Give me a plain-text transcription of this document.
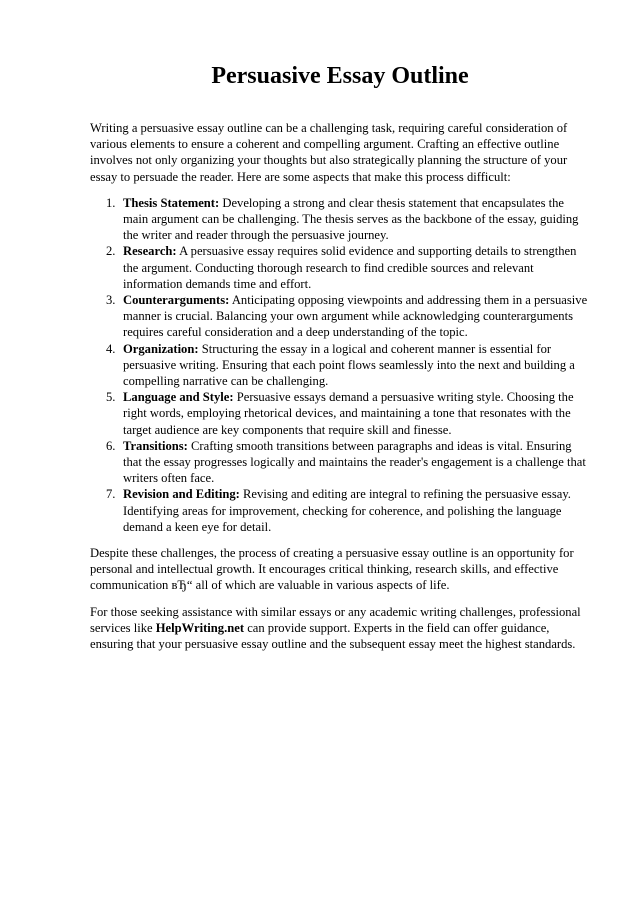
Persuasive Essay Outline

Writing a persuasive essay outline can be a challenging task, requiring careful consideration of various elements to ensure a coherent and compelling argument. Crafting an effective outline involves not only organizing your thoughts but also strategically planning the structure of your essay to persuade the reader. Here are some aspects that make this process difficult:

1. Thesis Statement: Developing a strong and clear thesis statement that encapsulates the main argument can be challenging. The thesis serves as the backbone of the essay, guiding the writer and reader through the persuasive journey.
2. Research: A persuasive essay requires solid evidence and supporting details to strengthen the argument. Conducting thorough research to find credible sources and relevant information demands time and effort.
3. Counterarguments: Anticipating opposing viewpoints and addressing them in a persuasive manner is crucial. Balancing your own argument while acknowledging counterarguments requires careful consideration and a deep understanding of the topic.
4. Organization: Structuring the essay in a logical and coherent manner is essential for persuasive writing. Ensuring that each point flows seamlessly into the next and building a compelling narrative can be challenging.
5. Language and Style: Persuasive essays demand a persuasive writing style. Choosing the right words, employing rhetorical devices, and maintaining a tone that resonates with the target audience are key components that require skill and finesse.
6. Transitions: Crafting smooth transitions between paragraphs and ideas is vital. Ensuring that the essay progresses logically and maintains the reader's engagement is a challenge that writers often face.
7. Revision and Editing: Revising and editing are integral to refining the persuasive essay. Identifying areas for improvement, checking for coherence, and polishing the language demand a keen eye for detail.

Despite these challenges, the process of creating a persuasive essay outline is an opportunity for personal and intellectual growth. It encourages critical thinking, research skills, and effective communication вЂ“ all of which are valuable in various aspects of life.

For those seeking assistance with similar essays or any academic writing challenges, professional services like HelpWriting.net can provide support. Experts in the field can offer guidance, ensuring that your persuasive essay outline and the subsequent essay meet the highest standards.
